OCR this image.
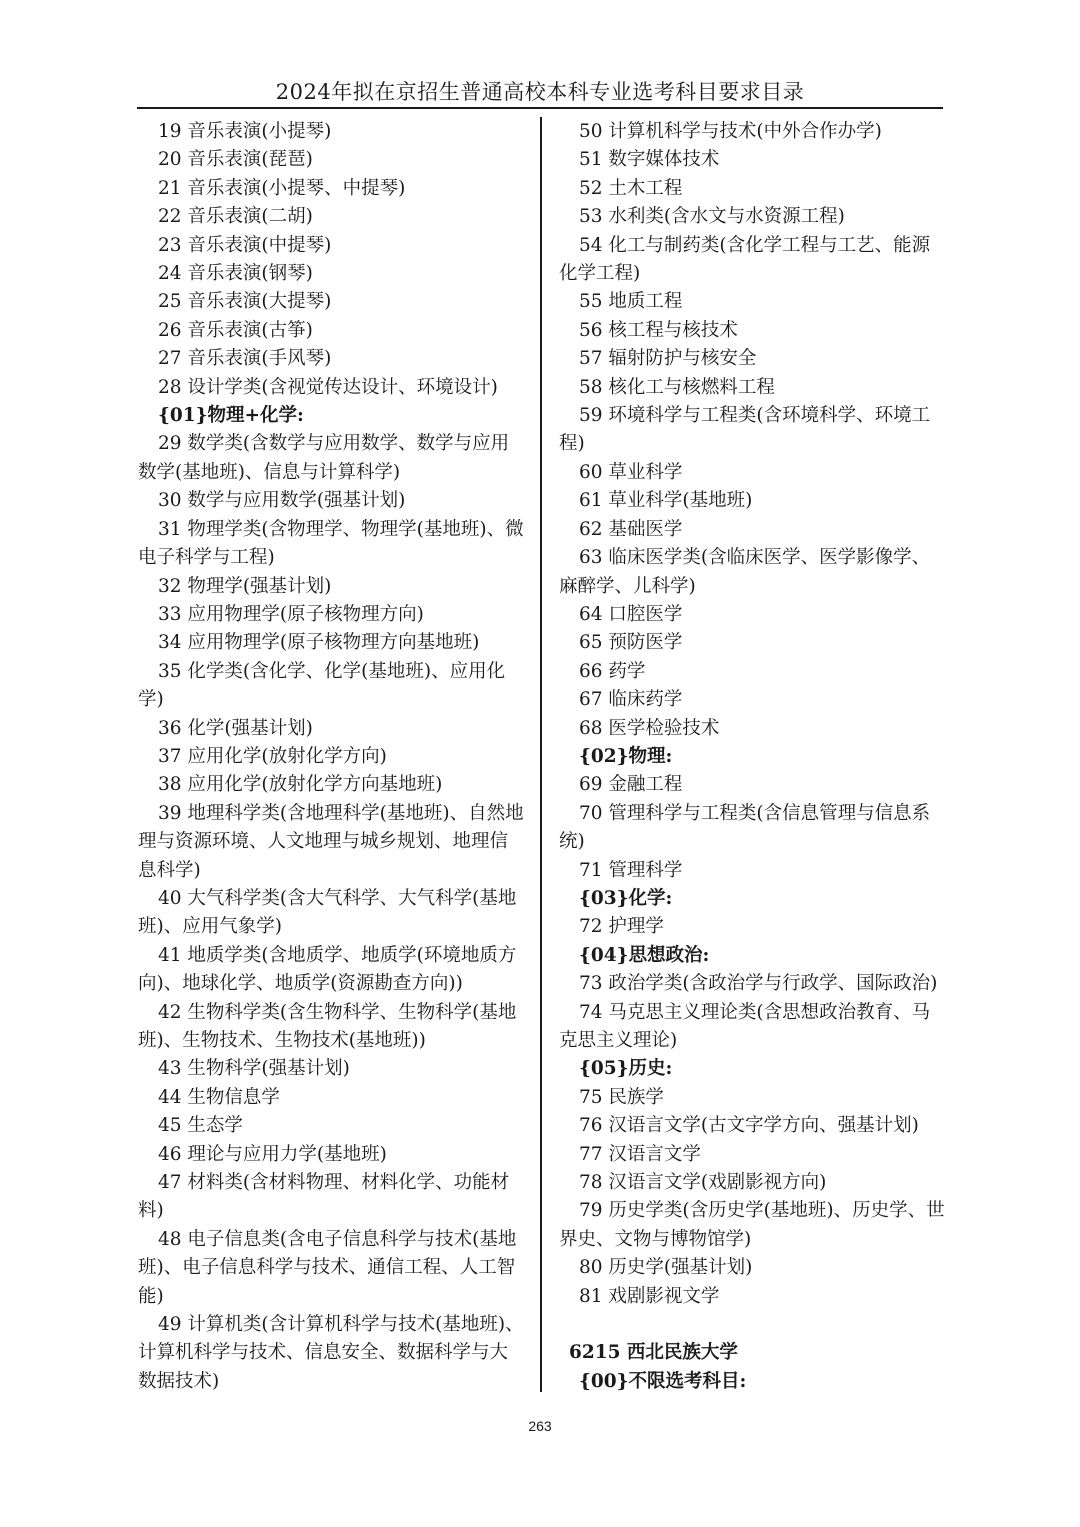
2024年拟在京招生普通高校本科专业选考科目要求目录

19 音乐表演(小提琴)

20 音乐表演(琵琶)

21 音乐表演(小提琴、中提琴)

22 音乐表演(二胡)

23 音乐表演(中提琴)

24 音乐表演(钢琴)

25 音乐表演(大提琴)

26 音乐表演(古筝)

27 音乐表演(手风琴)

28 设计学类(含视觉传达设计、环境设计)

{01}物理+化学:

29 数学类(含数学与应用数学、数学与应用数学(基地班)、信息与计算科学)

30 数学与应用数学(强基计划)

31 物理学类(含物理学、物理学(基地班)、微电子科学与工程)

32 物理学(强基计划)

33 应用物理学(原子核物理方向)

34 应用物理学(原子核物理方向基地班)

35 化学类(含化学、化学(基地班)、应用化学)

36 化学(强基计划)

37 应用化学(放射化学方向)

38 应用化学(放射化学方向基地班)

39 地理科学类(含地理科学(基地班)、自然地理与资源环境、人文地理与城乡规划、地理信息科学)

40 大气科学类(含大气科学、大气科学(基地班)、应用气象学)

41 地质学类(含地质学、地质学(环境地质方向)、地球化学、地质学(资源勘查方向))

42 生物科学类(含生物科学、生物科学(基地班)、生物技术、生物技术(基地班))

43 生物科学(强基计划)

44 生物信息学

45 生态学

46 理论与应用力学(基地班)

47 材料类(含材料物理、材料化学、功能材料)

48 电子信息类(含电子信息科学与技术(基地班)、电子信息科学与技术、通信工程、人工智能)

49 计算机类(含计算机科学与技术(基地班)、计算机科学与技术、信息安全、数据科学与大数据技术)

50 计算机科学与技术(中外合作办学)

51 数字媒体技术

52 土木工程

53 水利类(含水文与水资源工程)

54 化工与制药类(含化学工程与工艺、能源化学工程)

55 地质工程

56 核工程与核技术

57 辐射防护与核安全

58 核化工与核燃料工程

59 环境科学与工程类(含环境科学、环境工程)

60 草业科学

61 草业科学(基地班)

62 基础医学

63 临床医学类(含临床医学、医学影像学、麻醉学、儿科学)

64 口腔医学

65 预防医学

66 药学

67 临床药学

68 医学检验技术

{02}物理:

69 金融工程

70 管理科学与工程类(含信息管理与信息系统)

71 管理科学

{03}化学:

72 护理学

{04}思想政治:

73 政治学类(含政治学与行政学、国际政治)

74 马克思主义理论类(含思想政治教育、马克思主义理论)

{05}历史:

75 民族学

76 汉语言文学(古文字学方向、强基计划)

77 汉语言文学

78 汉语言文学(戏剧影视方向)

79 历史学类(含历史学(基地班)、历史学、世界史、文物与博物馆学)

80 历史学(强基计划)

81 戏剧影视文学

6215 西北民族大学

{00}不限选考科目:

263
